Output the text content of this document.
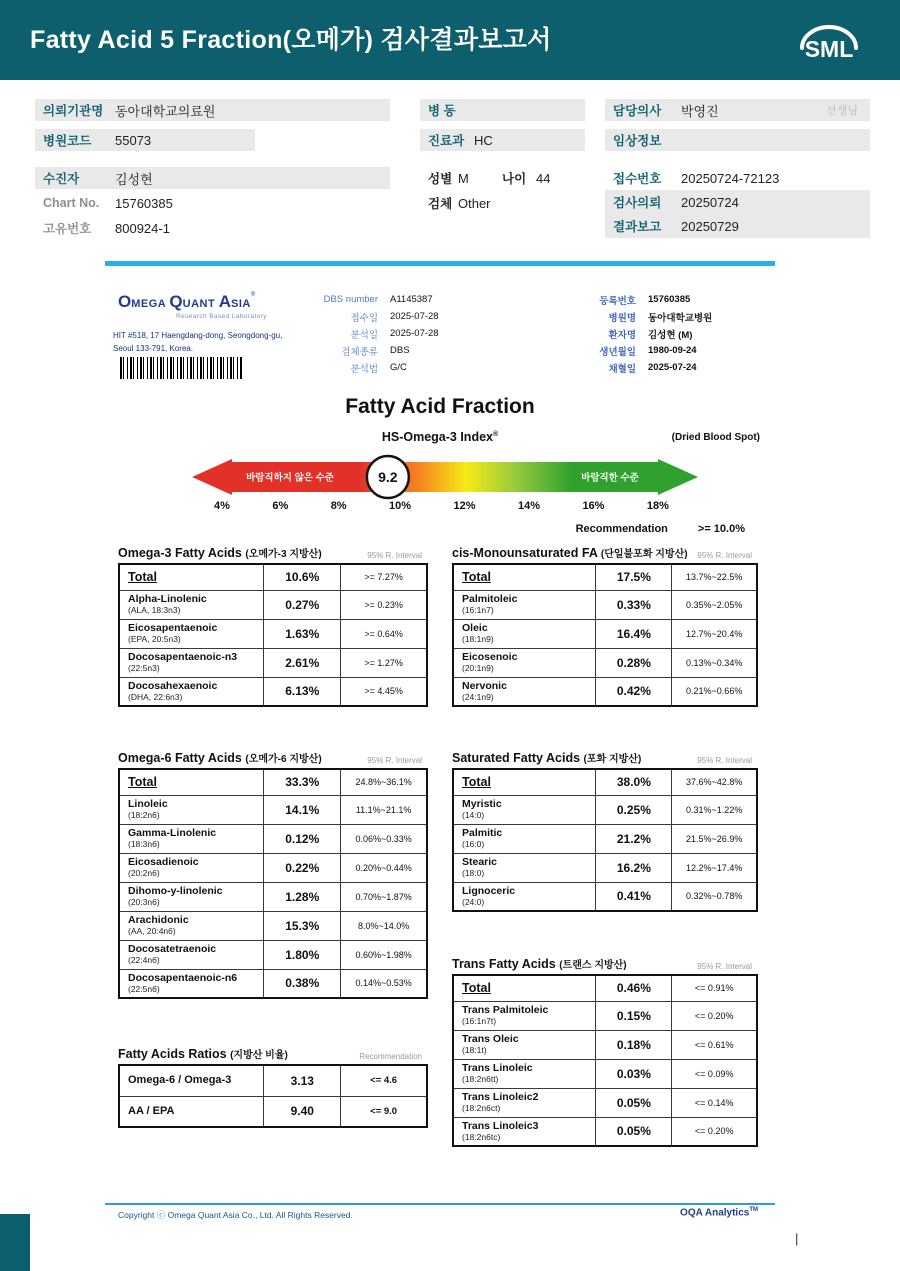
Fatty Acid 5 Fraction(오메가) 검사결과보고서	SML
의뢰기관명 동아대학교의료원	병 동	담당의사	박영진	선생님
병원코드	55073	진료과 HC	임상정보
수진자	김성현	성별 M	나이 44	접수번호	20250724-72123
Chart No.	15760385	검체 Other
고유번호	800924-1
검사의뢰	20250724
결과보고	20250729
OMEGA QUANT ASIA®
Research Based Laboratory
HIT #518, 17 Haengdang-dong, Seongdong-gu,
Seoul 133-791, Korea.
DBS number A1145387
접수일 2025-07-28
분석일 2025-07-28
검체종류 DBS
분석법 G/C
등록번호 15760385
병원명 동아대학교병원
환자명 김성현 (M)
생년월일 1980-09-24
채혈일 2025-07-24
Fatty Acid Fraction
HS-Omega-3 Index®	(Dried Blood Spot)
바람직하지 않은 수준	바람직한 수준
9.2
4%	6%	8%	10%	12%	14%	16%	18%
Recommendation	>= 10.0%
Omega-3 Fatty Acids (오메가-3 지방산)	95% R. Interval
Total	10.6%	>= 7.27%

Alpha-Linolenic
(ALA, 18:3n3)	0.27%	>= 0.23%

Eicosapentaenoic
(EPA, 20:5n3)	1.63%	>= 0.64%

Docosapentaenoic-n3
(22:5n3)	2.61%	>= 1.27%

Docosahexaenoic
(DHA, 22:6n3)	6.13%	>= 4.45%
cis-Monounsaturated FA (단일불포화 지방산) 95% R. Interval
Total	17.5%	13.7%~22.5%

Palmitoleic
(16:1n7)	0.33%	0.35%~2.05%

Oleic
(18:1n9)	16.4%	12.7%~20.4%

Eicosenoic
(20:1n9)	0.28%	0.13%~0.34%

Nervonic
(24:1n9)	0.42%	0.21%~0.66%
Omega-6 Fatty Acids (오메가-6 지방산)	95% R. Interval
Total	33.3%	24.8%~36.1%

Linoleic
(18:2n6)	14.1%	11.1%~21.1%

Gamma-Linolenic
(18:3n6)	0.12%	0.06%~0.33%

Eicosadienoic
(20:2n6)	0.22%	0.20%~0.44%

Dihomo-y-linolenic
(20:3n6)	1.28%	0.70%~1.87%

Arachidonic
(AA, 20:4n6)	15.3%	8.0%~14.0%

Docosatetraenoic
(22:4n6)	1.80%	0.60%~1.98%

Docosapentaenoic-n6
(22:5n6)	0.38%	0.14%~0.53%
Saturated Fatty Acids (포화 지방산)	95% R. Interval
Total	38.0%	37.6%~42.8%

Myristic
(14:0)	0.25%	0.31%~1.22%

Palmitic
(16:0)	21.2%	21.5%~26.9%

Stearic
(18:0)	16.2%	12.2%~17.4%

Lignoceric
(24:0)	0.41%	0.32%~0.78%
Trans Fatty Acids (트랜스 지방산)	95% R. Interval
Total	0.46%	<= 0.91%

Trans Palmitoleic
(16:1n7t)	0.15%	<= 0.20%

Trans Oleic
(18:1t)	0.18%	<= 0.61%

Trans Linoleic
(18:2n6tt)	0.03%	<= 0.09%

Trans Linoleic2
(18:2n6ct)	0.05%	<= 0.14%

Trans Linoleic3
(18:2n6tc)	0.05%	<= 0.20%
Fatty Acids Ratios (지방산 비율)	Recommendation
Omega-6 / Omega-3	3.13	<= 4.6

AA / EPA	9.40	<= 9.0
Copyright ⓒ Omega Quant Asia Co., Ltd. All Rights Reserved.	OQA Analytics™
|
